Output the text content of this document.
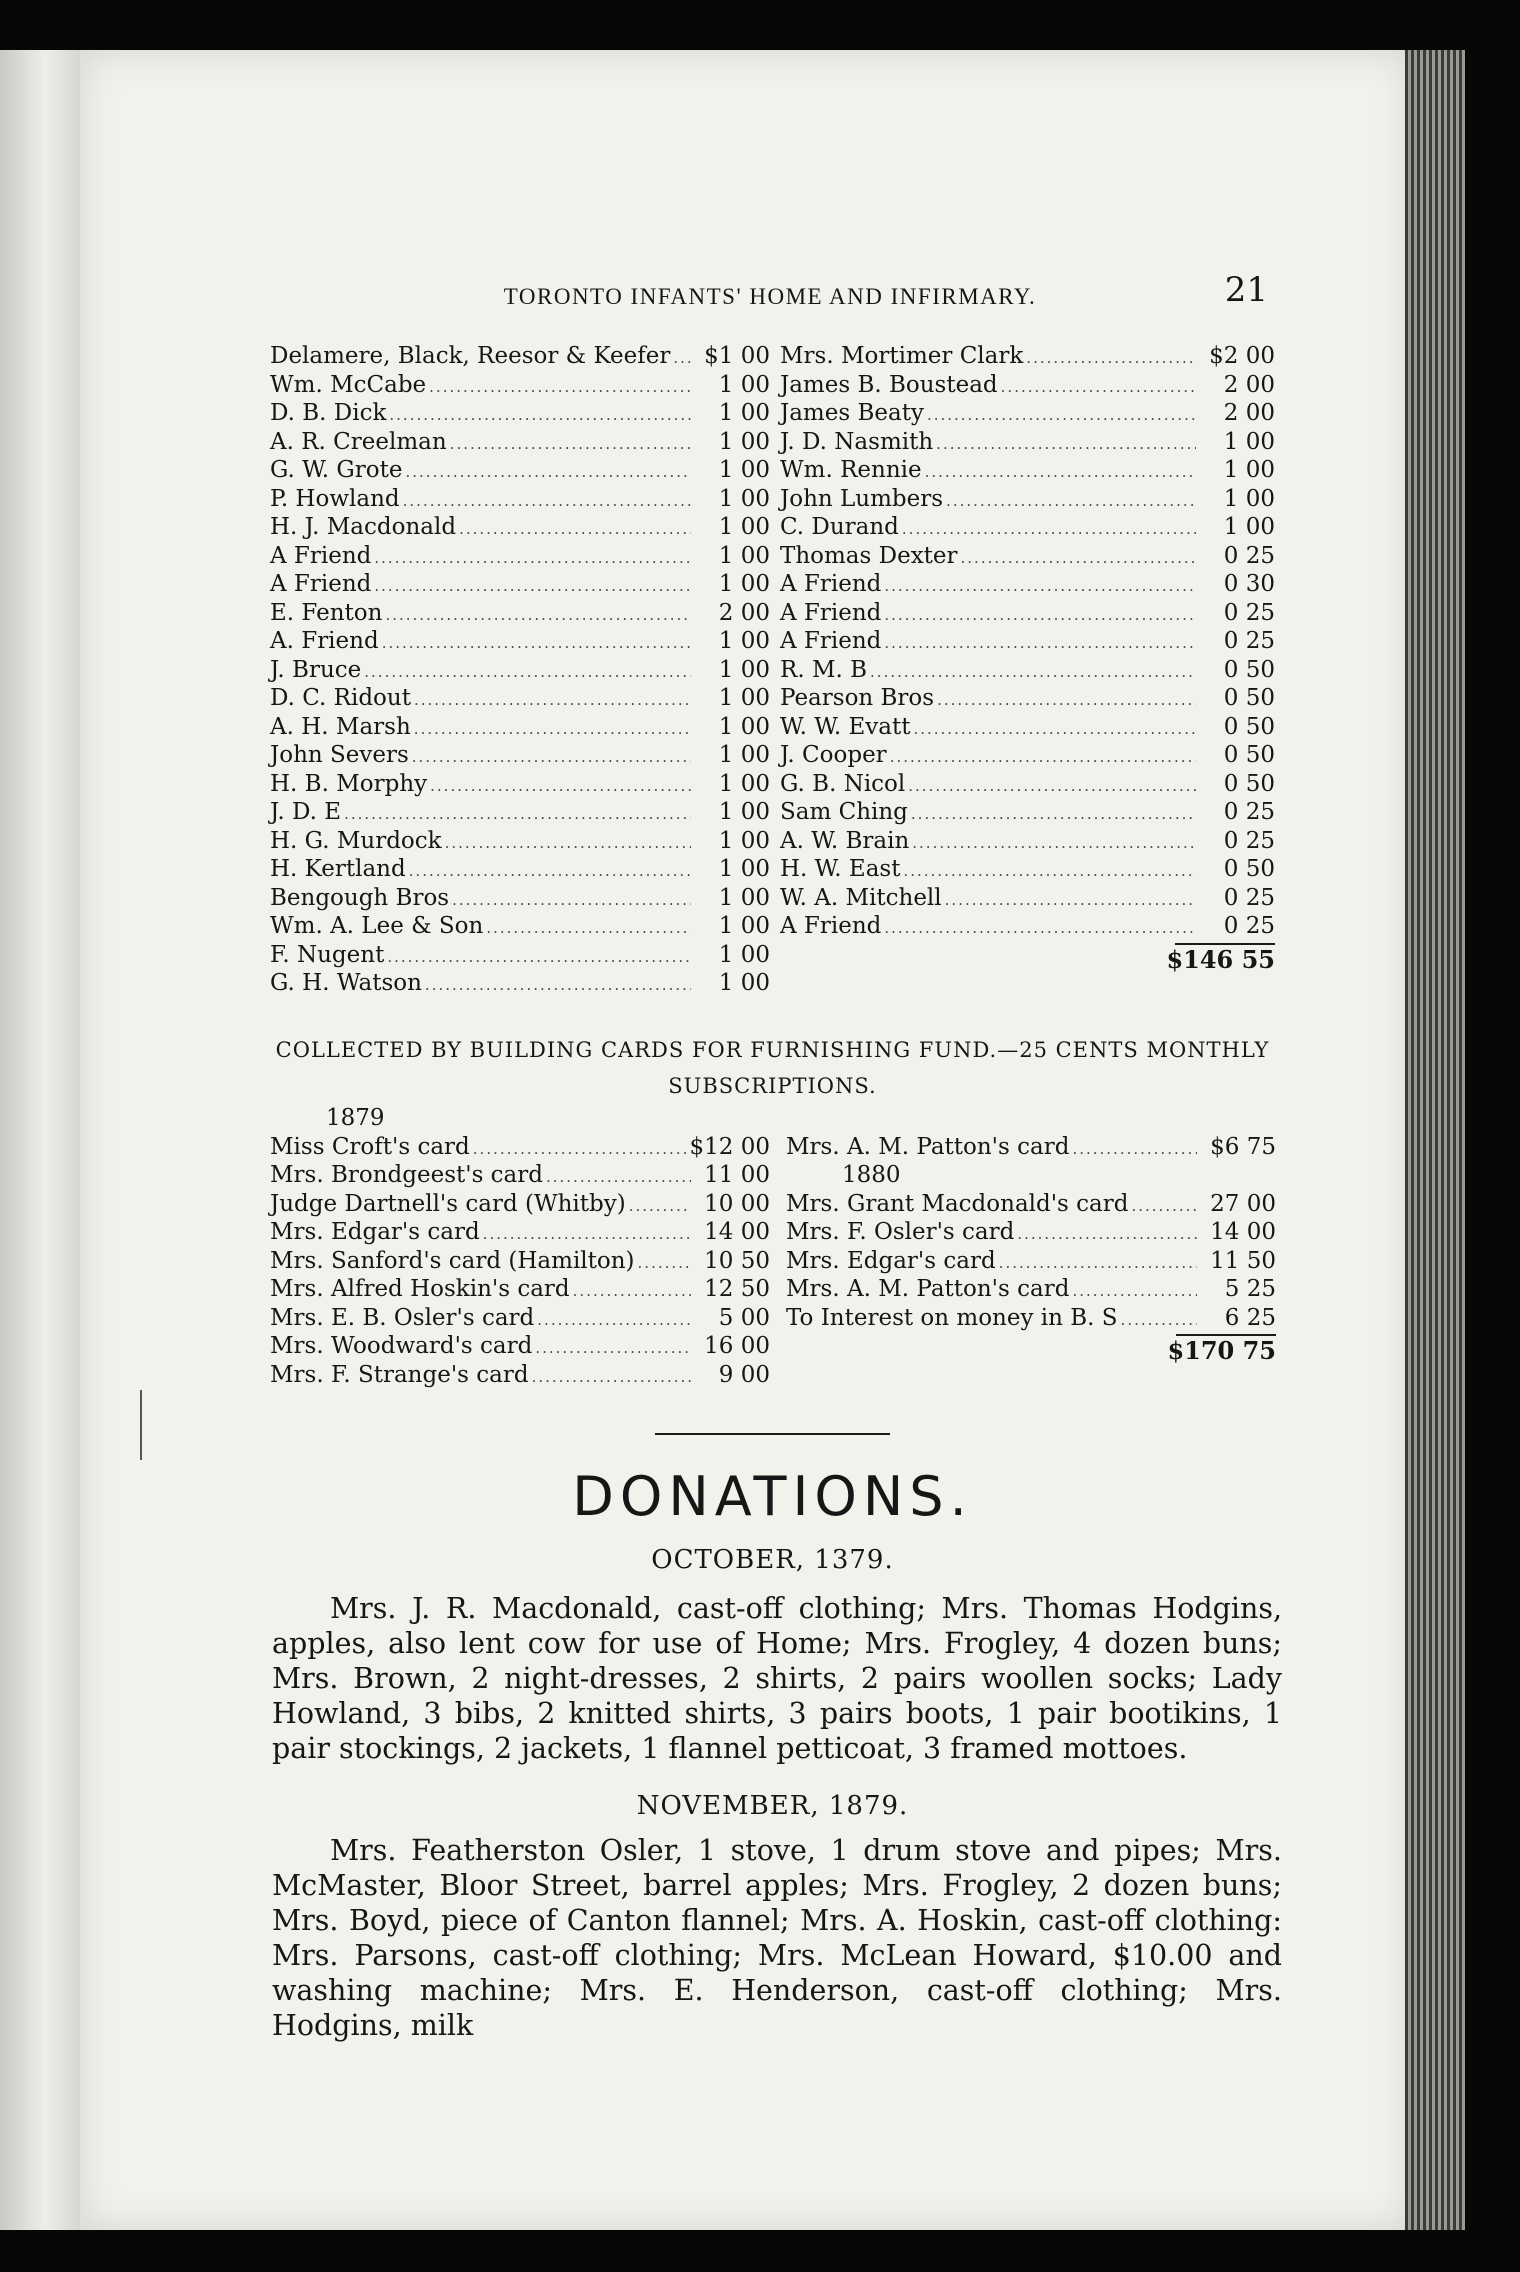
TORONTO INFANTS' HOME AND INFIRMARY.	21
Delamere, Black, Reesor & Keefer .....	$1 00
Wm. McCabe .....	1 00
D. B. Dick .....	1 00
A. R. Creelman .....	1 00
G. W. Grote .....	1 00
P. Howland .....	1 00
H. J. Macdonald .....	1 00
A Friend .....	1 00
A Friend .....	1 00
E. Fenton .....	2 00
A. Friend .....	1 00
J. Bruce .....	1 00
D. C. Ridout .....	1 00
A. H. Marsh .....	1 00
John Severs .....	1 00
H. B. Morphy .....	1 00
J. D. E .....	1 00
H. G. Murdock .....	1 00
H. Kertland .....	1 00
Bengough Bros .....	1 00
Wm. A. Lee & Son .....	1 00
F. Nugent .....	1 00
G. H. Watson .....	1 00
Mrs. Mortimer Clark .....	$2 00
James B. Boustead .....	2 00
James Beaty .....	2 00
J. D. Nasmith .....	1 00
Wm. Rennie .....	1 00
John Lumbers .....	1 00
C. Durand .....	1 00
Thomas Dexter .....	0 25
A Friend .....	0 30
A Friend .....	0 25
A Friend .....	0 25
R. M. B .....	0 50
Pearson Bros .....	0 50
W. W. Evatt .....	0 50
J. Cooper .....	0 50
G. B. Nicol .....	0 50
Sam Ching .....	0 25
A. W. Brain .....	0 25
H. W. East .....	0 50
W. A. Mitchell .....	0 25
A Friend .....	0 25
$146 55
COLLECTED BY BUILDING CARDS FOR FURNISHING FUND.—25 CENTS MONTHLY
SUBSCRIPTIONS.
1879
Miss Croft's card .....	$12 00
Mrs. Brondgeest's card .....	11 00
Judge Dartnell's card (Whitby) .....	10 00
Mrs. Edgar's card .....	14 00
Mrs. Sanford's card (Hamilton) .....	10 50
Mrs. Alfred Hoskin's card .....	12 50
Mrs. E. B. Osler's card .....	5 00
Mrs. Woodward's card .....	16 00
Mrs. F. Strange's card .....	9 00
Mrs. A. M. Patton's card .....	$6 75
1880
Mrs. Grant Macdonald's card .....	27 00
Mrs. F. Osler's card .....	14 00
Mrs. Edgar's card .....	11 50
Mrs. A. M. Patton's card .....	5 25
To Interest on money in B. S .....	6 25
$170 75
DONATIONS.
OCTOBER, 1379.
Mrs. J. R. Macdonald, cast-off clothing; Mrs. Thomas Hodgins, apples, also lent cow for use of Home; Mrs. Frogley, 4 dozen buns; Mrs. Brown, 2 night-dresses, 2 shirts, 2 pairs woollen socks; Lady Howland, 3 bibs, 2 knitted shirts, 3 pairs boots, 1 pair bootikins, 1 pair stockings, 2 jackets, 1 flannel petticoat, 3 framed mottoes.
NOVEMBER, 1879.
Mrs. Featherston Osler, 1 stove, 1 drum stove and pipes; Mrs. McMaster, Bloor Street, barrel apples; Mrs. Frogley, 2 dozen buns; Mrs. Boyd, piece of Canton flannel; Mrs. A. Hoskin, cast-off clothing: Mrs. Parsons, cast-off clothing; Mrs. McLean Howard, $10.00 and washing machine; Mrs. E. Henderson, cast-off clothing; Mrs. Hodgins, milk
